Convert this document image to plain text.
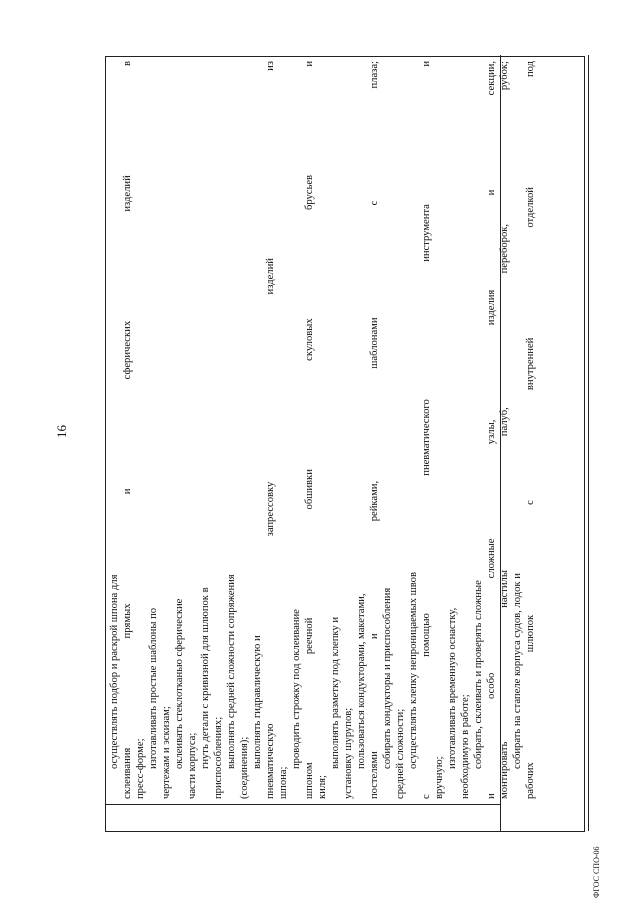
16
осуществлять подбор и раскрой шпона для склеивания прямых и сферических изделий в пресс-форме; изготавливать простые шаблоны по чертежам и эскизам; оклеивать стеклотканью сферические части корпуса; гнуть детали с кривизной для шлюпок в приспособлениях; выполнять средней сложности сопряжения (соединения); выполнять гидравлическую и пневматическую запрессовку изделий из шпона;
проводить строжку под оклеивание шпоном реечной обшивки скуловых брусьев и киля;
выполнять разметку под клепку и установку шурупов; пользоваться кондукторами, макетами, постелями и рейками, шаблонами с плаза; собирать кондукторы и приспособления средней сложности; осуществлять клепку непроницаемых швов с помощью пневматического инструмента и вручную;
изготавливать временную оснастку, необходимую в работе; собирать, склеивать и проверять сложные и особо сложные узлы, изделия и секции, монтировать настилы палуб, переборок, рубок; собирать на стапеле корпуса судов, лодок и рабочих шлюпок с внутренней отделкой под
ФГОС СПО-06
